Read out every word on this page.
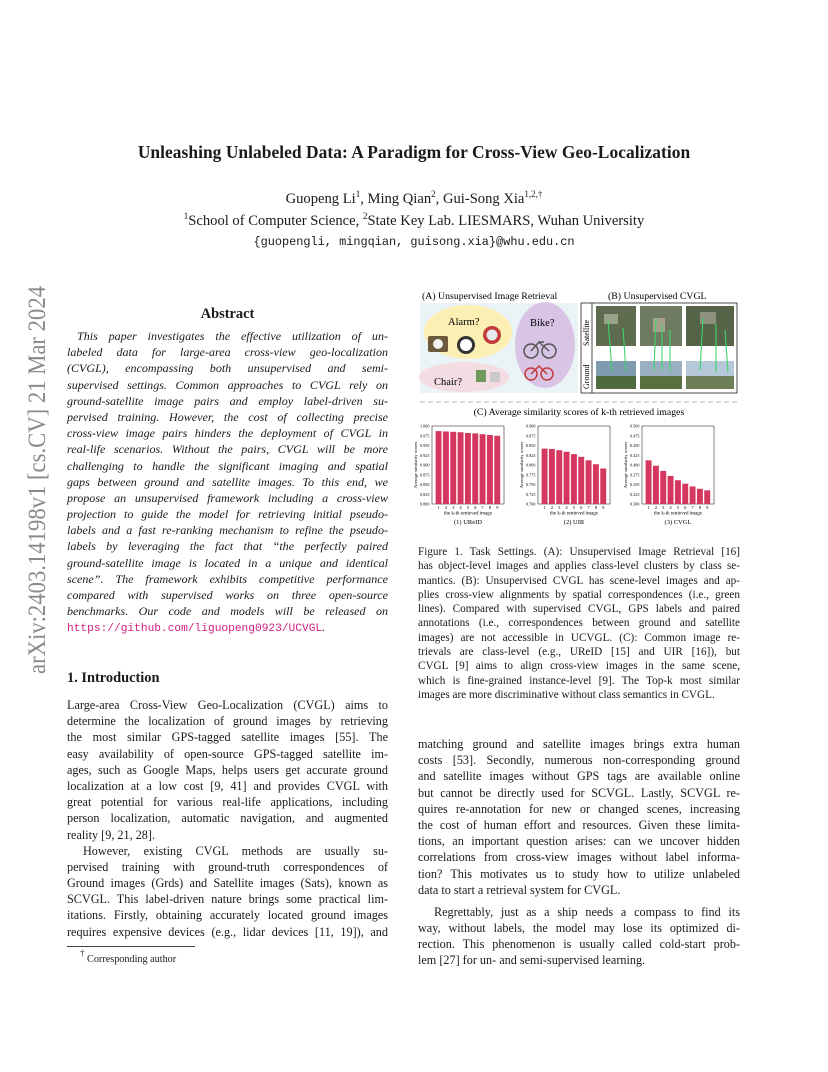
arXiv:2403.14198v1 [cs.CV] 21 Mar 2024
Unleashing Unlabeled Data: A Paradigm for Cross-View Geo-Localization
Guopeng Li$^1$, Ming Qian$^2$, Gui-Song Xia$^{1,2,\dagger}$
$^1$School of Computer Science, $^2$State Key Lab. LIESMARS, Wuhan University
{guopengli, mingqian, guisong.xia}@whu.edu.cn
Abstract
This paper investigates the effective utilization of un-
labeled data for large-area cross-view geo-localization
(CVGL), encompassing both unsupervised and semi-
supervised settings. Common approaches to CVGL rely on
ground-satellite image pairs and employ label-driven su-
pervised training. However, the cost of collecting precise
cross-view image pairs hinders the deployment of CVGL in
real-life scenarios. Without the pairs, CVGL will be more
challenging to handle the significant imaging and spatial
gaps between ground and satellite images. To this end, we
propose an unsupervised framework including a cross-view
projection to guide the model for retrieving initial pseudo-
labels and a fast re-ranking mechanism to refine the pseudo-
labels by leveraging the fact that “the perfectly paired
ground-satellite image is located in a unique and identical
scene”. The framework exhibits competitive performance
compared with supervised works on three open-source
benchmarks. Our code and models will be released on
https://github.com/liguopeng0923/UCVGL.
1. Introduction
Large-area Cross-View Geo-Localization (CVGL) aims to
determine the localization of ground images by retrieving
the most similar GPS-tagged satellite images [55]. The
easy availability of open-source GPS-tagged satellite im-
ages, such as Google Maps, helps users get accurate ground
localization at a low cost [9, 41] and provides CVGL with
great potential for various real-life applications, including
person localization, automatic navigation, and augmented
reality [9, 21, 28].
However, existing CVGL methods are usually su-
pervised training with ground-truth correspondences of
Ground images (Grds) and Satellite images (Sats), known as
SCVGL. This label-driven nature brings some practical lim-
itations. Firstly, obtaining accurately located ground images
requires expensive devices (e.g., lidar devices [11, 19]), and
† Corresponding author
(A) Unsupervised Image Retrieval
Alarm?	Bike?
Chair?
(B) Unsupervised CVGL
Satellite
Ground
(C) Average similarity scores of k-th retrieved images
1.000
0.975
0.950
0.925
0.900
0.875
0.850
0.825
0.800
Average similarity scores
1 2 3 4 5 6 7 8 9
the k-th retrieved image
(1) UReID
0.900
0.875
0.850
0.825
0.800
0.775
0.750
0.725
0.700
Average similarity scores
1 2 3 4 5 6 7 8 9
the k-th retrieved image
(2) UIR
0.500
0.475
0.450
0.425
0.400
0.375
0.350
0.325
0.300
Average similarity scores
1 2 3 4 5 6 7 8 9
the k-th retrieved image
(3) CVGL
Figure 1. Task Settings. (A): Unsupervised Image Retrieval [16]
has object-level images and applies class-level clusters by class se-
mantics. (B): Unsupervised CVGL has scene-level images and ap-
plies cross-view alignments by spatial correspondences (i.e., green
lines). Compared with supervised CVGL, GPS labels and paired
annotations (i.e., correspondences between ground and satellite
images) are not accessible in UCVGL. (C): Common image re-
trievals are class-level (e.g., UReID [15] and UIR [16]), but
CVGL [9] aims to align cross-view images in the same scene,
which is fine-grained instance-level [9]. The Top-k most similar
images are more discriminative without class semantics in CVGL.
matching ground and satellite images brings extra human
costs [53]. Secondly, numerous non-corresponding ground
and satellite images without GPS tags are available online
but cannot be directly used for SCVGL. Lastly, SCVGL re-
quires re-annotation for new or changed scenes, increasing
the cost of human effort and resources. Given these limita-
tions, an important question arises: can we uncover hidden
correlations from cross-view images without label informa-
tion? This motivates us to study how to utilize unlabeled
data to start a retrieval system for CVGL.
Regrettably, just as a ship needs a compass to find its
way, without labels, the model may lose its optimized di-
rection. This phenomenon is usually called cold-start prob-
lem [27] for un- and semi-supervised learning.
